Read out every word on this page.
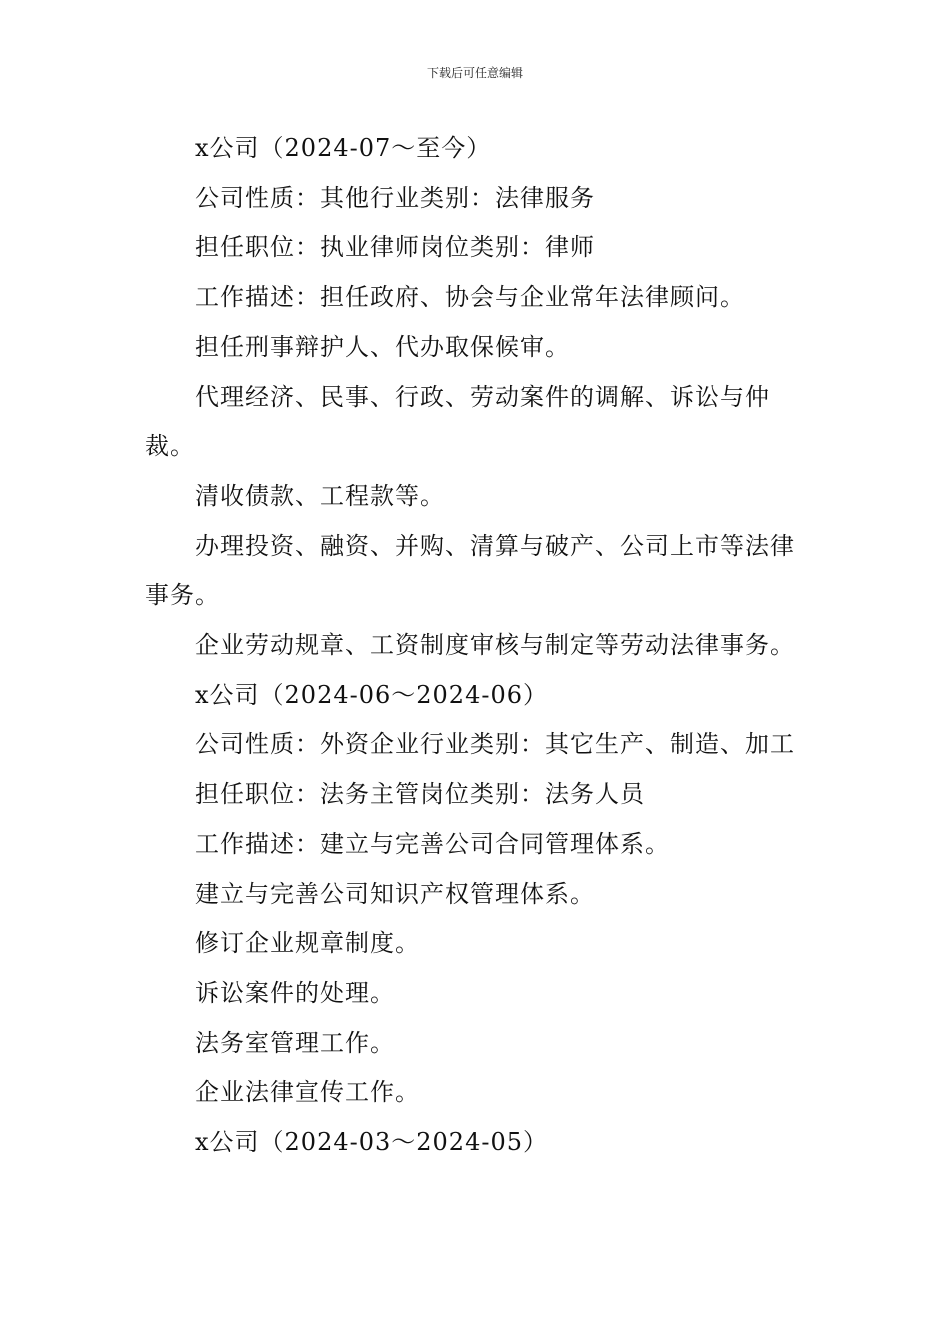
下载后可任意编辑

x公司（2024-07～至今）

公司性质：其他行业类别：法律服务

担任职位：执业律师岗位类别：律师

工作描述：担任政府、协会与企业常年法律顾问。

担任刑事辩护人、代办取保候审。

代理经济、民事、行政、劳动案件的调解、诉讼与仲裁。

清收债款、工程款等。

办理投资、融资、并购、清算与破产、公司上市等法律事务。

企业劳动规章、工资制度审核与制定等劳动法律事务。

x公司（2024-06～2024-06）

公司性质：外资企业行业类别：其它生产、制造、加工

担任职位：法务主管岗位类别：法务人员

工作描述：建立与完善公司合同管理体系。

建立与完善公司知识产权管理体系。

修订企业规章制度。

诉讼案件的处理。

法务室管理工作。

企业法律宣传工作。

x公司（2024-03～2024-05）
